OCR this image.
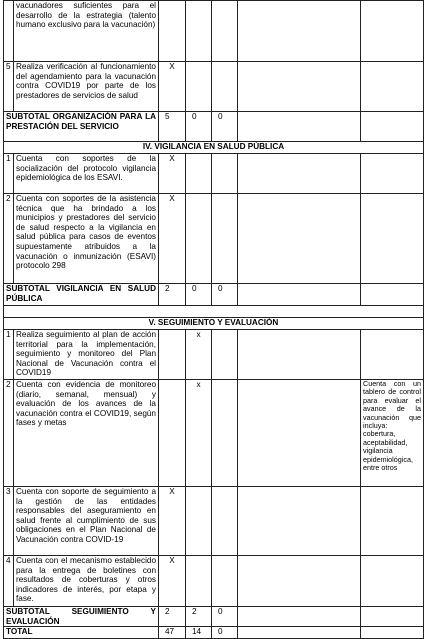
	vacunadores suficientes para el desarrollo de la estrategia (talento humano exclusivo para la vacunación)					
5	Realiza verificación al funcionamiento del agendamiento para la vacunación contra COVID19 por parte de los prestadores de servicios de salud	X				
SUBTOTAL ORGANIZACIÓN PARA LA PRESTACIÓN DEL SERVICIO		5	0	0		
IV. VIGILANCIA EN SALUD PÚBLICA						
1	Cuenta con soportes de la socialización del protocolo vigilancia epidemiológica de los ESAVI.	X				
2	Cuenta con soportes de la asistencia técnica que ha brindado a los municipios y prestadores del servicio de salud respecto a la vigilancia en salud pública para casos de eventos supuestamente atribuidos a la vacunación o inmunización (ESAVI) protocolo 298	X				
SUBTOTAL VIGILANCIA EN SALUD PÚBLICA		2	0	0		

V. SEGUIMIENTO Y EVALUACIÓN						
1	Realiza seguimiento al plan de acción territorial para la implementación, seguimiento y monitoreo del Plan Nacional de Vacunación contra el COVID19		x			
2	Cuenta con evidencia de monitoreo (diario, semanal, mensual) y evaluación de los avances de la vacunación contra el COVID19, según fases y metas		x			Cuenta con un tablero de control para evaluar el avance de la vacunación que incluya: cobertura, aceptabilidad, vigilancia epidemiológica, entre otros
3	Cuenta con soporte de seguimiento a la gestión de las entidades responsables del aseguramiento en salud frente al cumplimiento de sus obligaciones en el Plan Nacional de Vacunación contra COVID-19	X				
4	Cuenta con el mecanismo establecido para la entrega de boletines con resultados de coberturas y otros indicadores de interés, por etapa y fase.	X				
SUBTOTAL SEGUIMIENTO Y EVALUACIÓN		2	2	0		
TOTAL		47	14	0		
